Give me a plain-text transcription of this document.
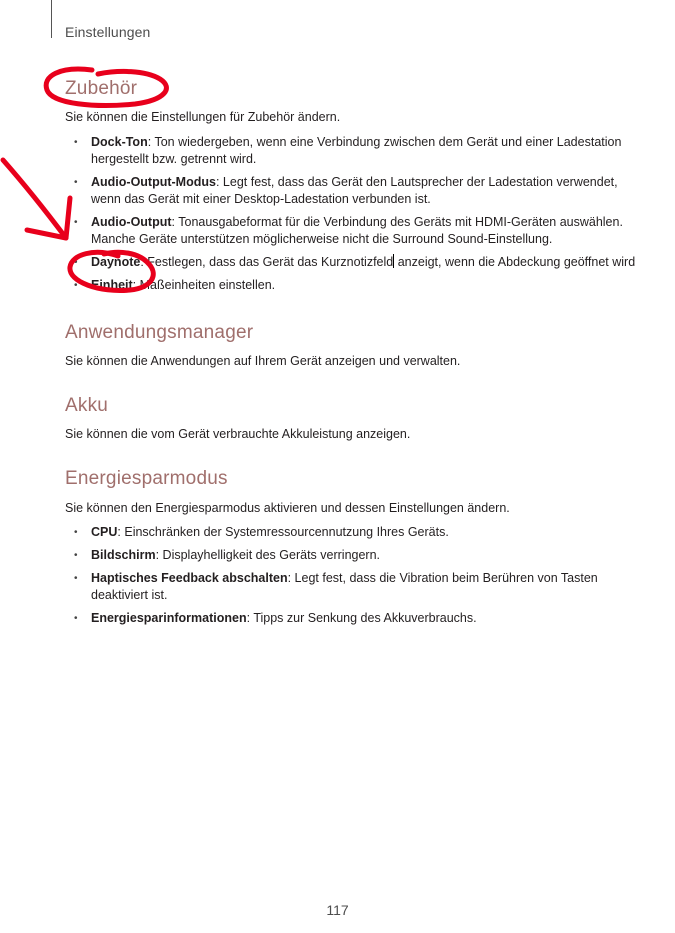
Einstellungen
Zubehör

Sie können die Einstellungen für Zubehör ändern.

• Dock-Ton: Ton wiedergeben, wenn eine Verbindung zwischen dem Gerät und einer Ladestation hergestellt bzw. getrennt wird.
• Audio-Output-Modus: Legt fest, dass das Gerät den Lautsprecher der Ladestation verwendet, wenn das Gerät mit einer Desktop-Ladestation verbunden ist.
• Audio-Output: Tonausgabeformat für die Verbindung des Geräts mit HDMI-Geräten auswählen. Manche Geräte unterstützen möglicherweise nicht die Surround Sound-Einstellung.
• Daynote: Festlegen, dass das Gerät das Kurznotizfeld anzeigt, wenn die Abdeckung geöffnet wird
• Einheit: Maßeinheiten einstellen.
Anwendungsmanager

Sie können die Anwendungen auf Ihrem Gerät anzeigen und verwalten.

Akku

Sie können die vom Gerät verbrauchte Akkuleistung anzeigen.

Energiesparmodus

Sie können den Energiesparmodus aktivieren und dessen Einstellungen ändern.

• CPU: Einschränken der Systemressourcennutzung Ihres Geräts.
• Bildschirm: Displayhelligkeit des Geräts verringern.
• Haptisches Feedback abschalten: Legt fest, dass die Vibration beim Berühren von Tasten deaktiviert ist.
• Energiesparinformationen: Tipps zur Senkung des Akkuverbrauchs.
117
